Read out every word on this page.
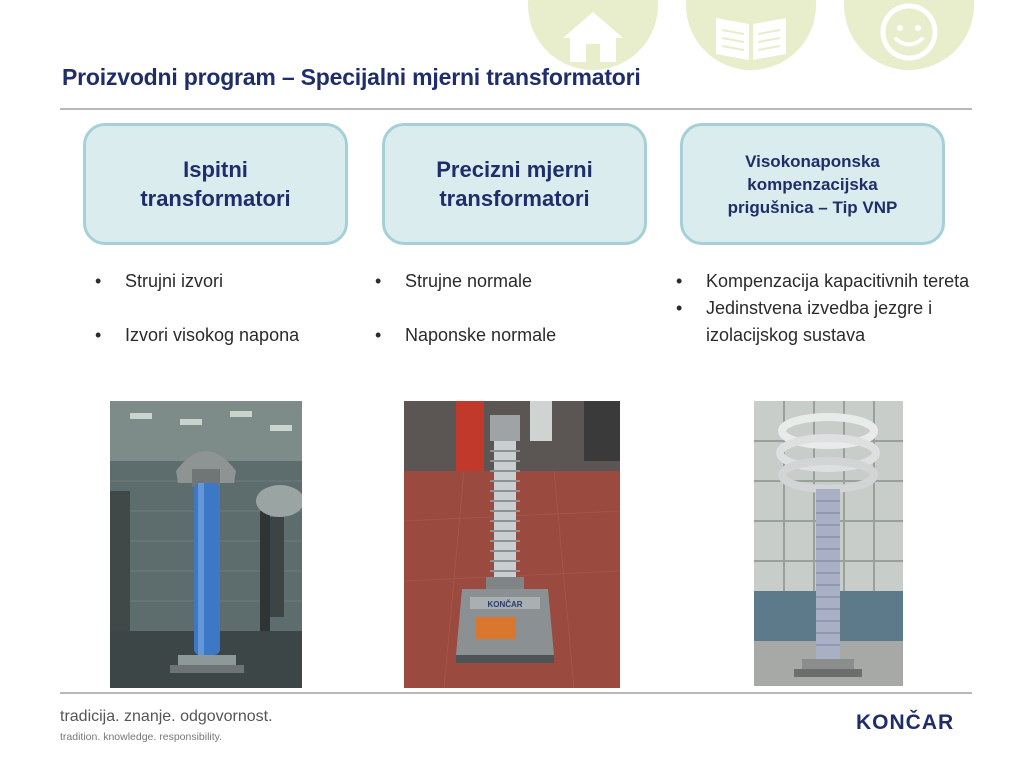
Proizvodni program – Specijalni mjerni transformatori
Ispitni
transformatori
Precizni mjerni
transformatori
Visokonaponska
kompenzacijska
prigušnica – Tip VNP
• Strujni izvori
• Izvori visokog napona
• Strujne normale
• Naponske normale
• Kompenzacija kapacitivnih tereta
• Jedinstvena izvedba jezgre i izolacijskog sustava
KONČAR
tradicija. znanje. odgovornost.
tradition. knowledge. responsibility.
KONČAR
